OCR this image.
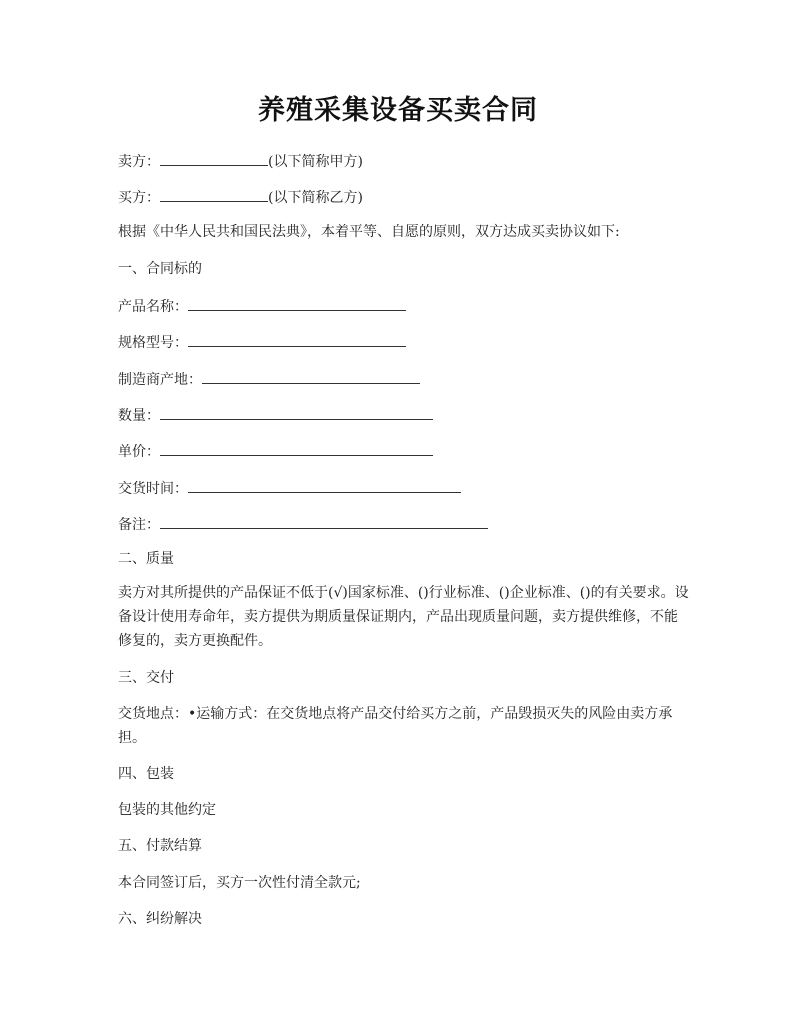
养殖采集设备买卖合同
卖方：	(以下简称甲方)
买方：	(以下简称乙方)
根据《中华人民共和国民法典》，本着平等、自愿的原则，双方达成买卖协议如下:
一、合同标的
产品名称：
规格型号：
制造商产地：
数量：
单价：
交货时间：
备注：
二、质量
卖方对其所提供的产品保证不低于(√)国家标准、()行业标准、()企业标准、()的有关要求。设备设计使用寿命年，卖方提供为期质量保证期内，产品出现质量问题，卖方提供维修，不能修复的，卖方更换配件。
三、交付
交货地点：•运输方式：在交货地点将产品交付给买方之前，产品毁损灭失的风险由卖方承担。
四、包装
包装的其他约定
五、付款结算
本合同签订后，买方一次性付清全款元;
六、纠纷解决
